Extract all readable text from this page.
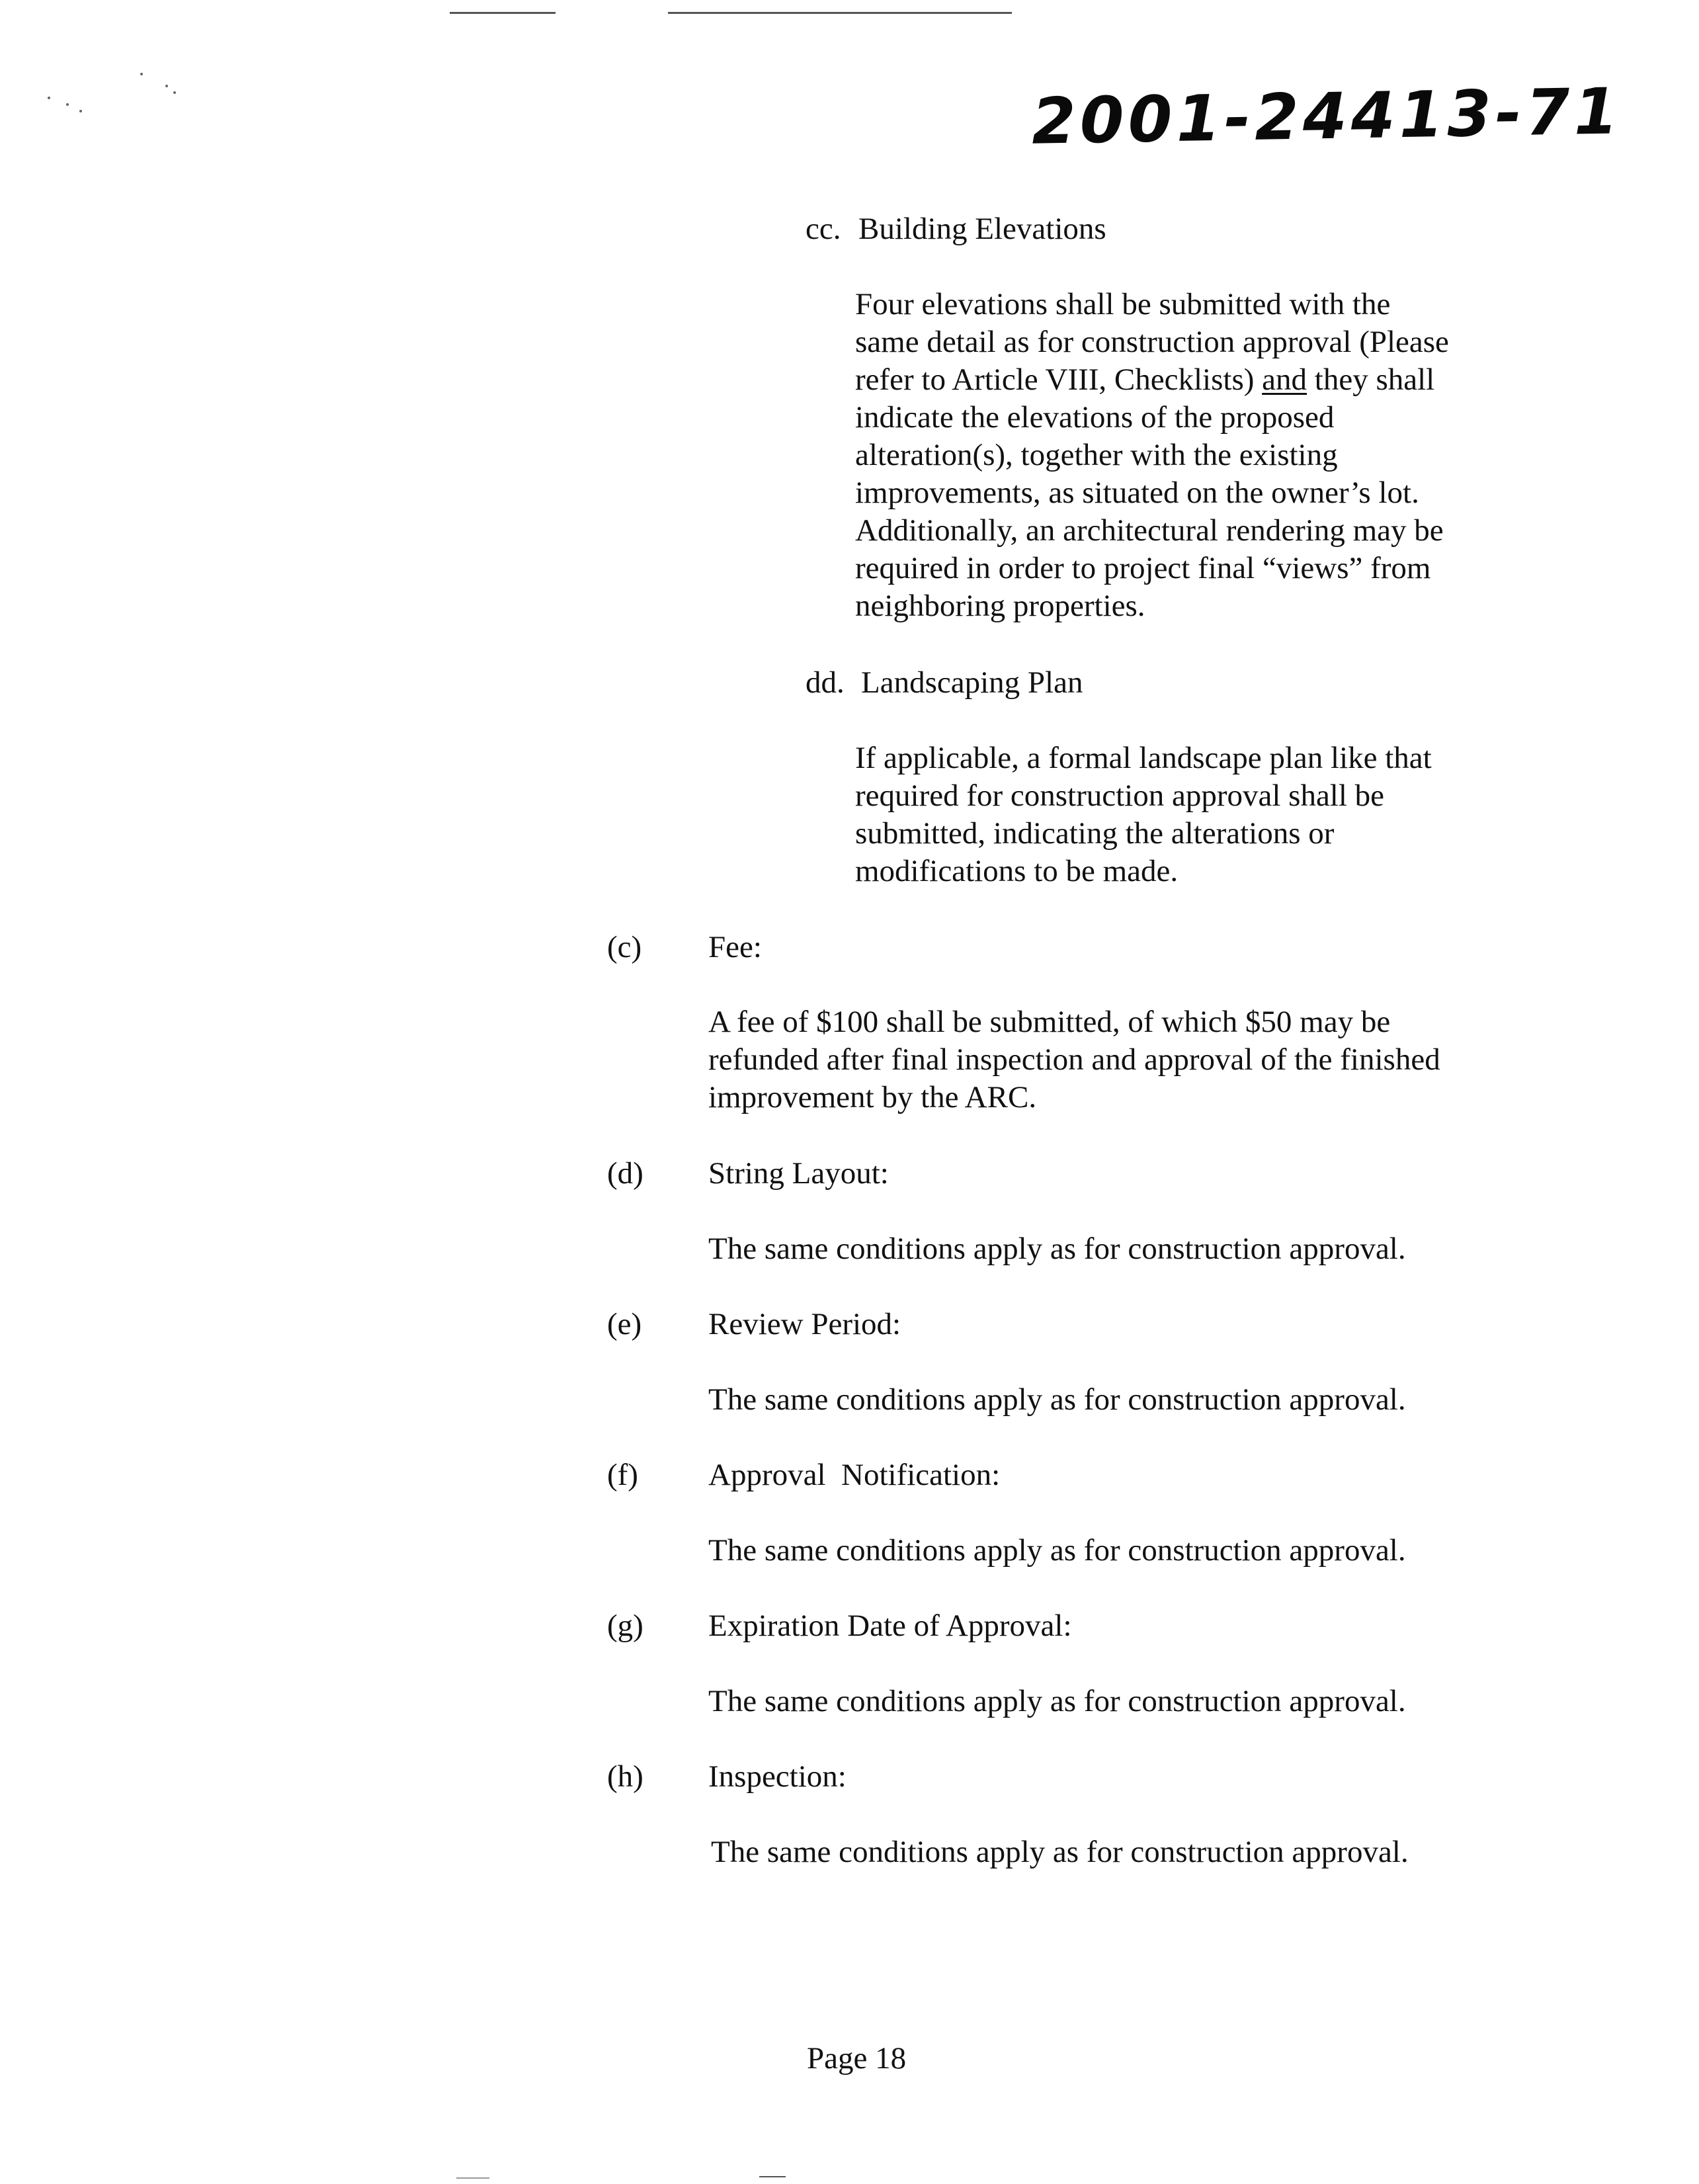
2001-24413-71
cc. Building Elevations

Four elevations shall be submitted with the

same detail as for construction approval (Please

refer to Article VIII, Checklists) and they shall

indicate the elevations of the proposed

alteration(s), together with the existing

improvements, as situated on the owner’s lot.

Additionally, an architectural rendering may be

required in order to project final “views” from

neighboring properties.

dd. Landscaping Plan

If applicable, a formal landscape plan like that

required for construction approval shall be

submitted, indicating the alterations or

modifications to be made.

(c) Fee:

A fee of $100 shall be submitted, of which $50 may be

refunded after final inspection and approval of the finished

improvement by the ARC.

(d) String Layout:
The same conditions apply as for construction approval.
(e) Review Period:
The same conditions apply as for construction approval.
(f) Approval  Notification:
The same conditions apply as for construction approval.
(g) Expiration Date of Approval:
The same conditions apply as for construction approval.
(h) Inspection:
The same conditions apply as for construction approval.
Page 18
